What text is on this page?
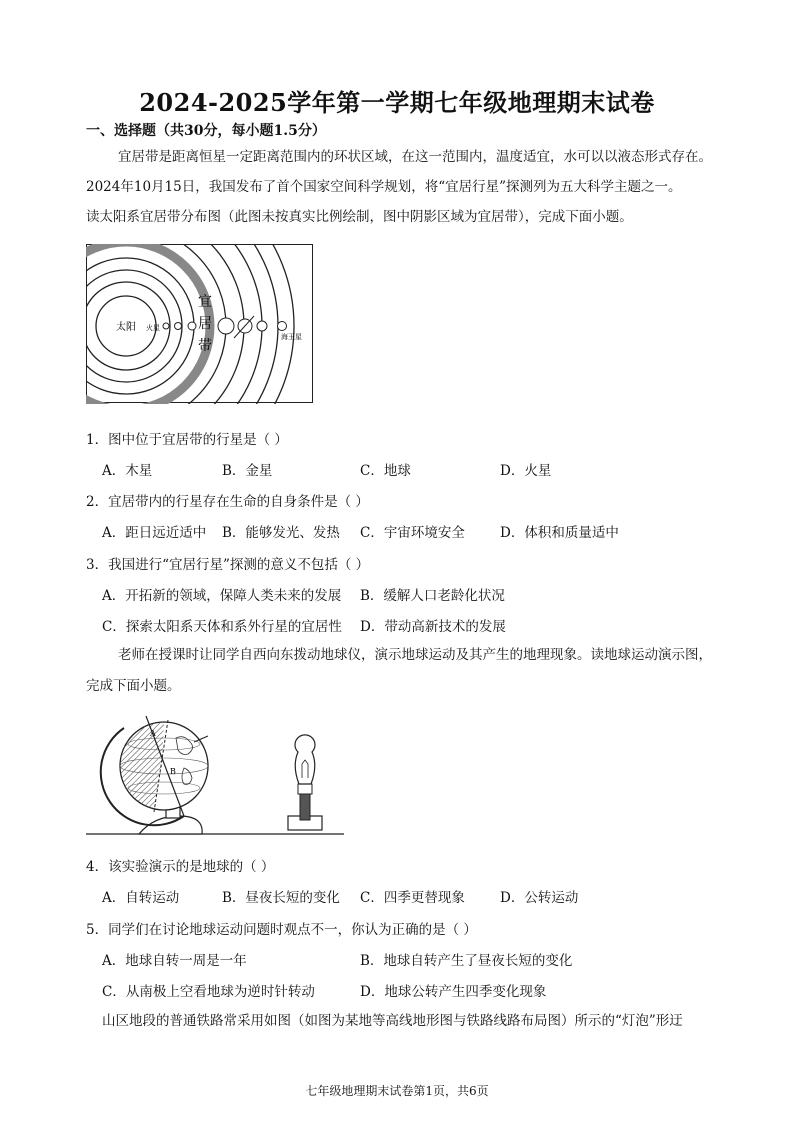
2024-2025学年第一学期七年级地理期末试卷
一、选择题（共30分，每小题1.5分）
宜居带是距离恒星一定距离范围内的环状区域，在这一范围内，温度适宜，水可以以液态形式存在。
2024年10月15日，我国发布了首个国家空间科学规划，将“宜居行星”探测列为五大科学主题之一。
读太阳系宜居带分布图（此图未按真实比例绘制，图中阴影区域为宜居带），完成下面小题。
太阳 火星
宜
居
带
海王星
1．图中位于宜居带的行星是（ ）
A．木星	B．金星	C．地球	D．火星
2．宜居带内的行星存在生命的自身条件是（ ）
A．距日远近适中 B．能够发光、发热 C．宇宙环境安全	D．体积和质量适中
3．我国进行“宜居行星”探测的意义不包括（ ）
A．开拓新的领域，保障人类未来的发展 B．缓解人口老龄化状况
C．探索太阳系天体和系外行星的宜居性 D．带动高新技术的发展
老师在授课时让同学自西向东拨动地球仪，演示地球运动及其产生的地理现象。读地球运动演示图，
完成下面小题。
A
B
4．该实验演示的是地球的（ ）
A．自转运动	B．昼夜长短的变化 C．四季更替现象	D．公转运动
5．同学们在讨论地球运动问题时观点不一，你认为正确的是（ ）
A．地球自转一周是一年	B．地球自转产生了昼夜长短的变化
C．从南极上空看地球为逆时针转动	D．地球公转产生四季变化现象
山区地段的普通铁路常采用如图（如图为某地等高线地形图与铁路线路布局图）所示的“灯泡”形迂
七年级地理期末试卷第1页，共6页
